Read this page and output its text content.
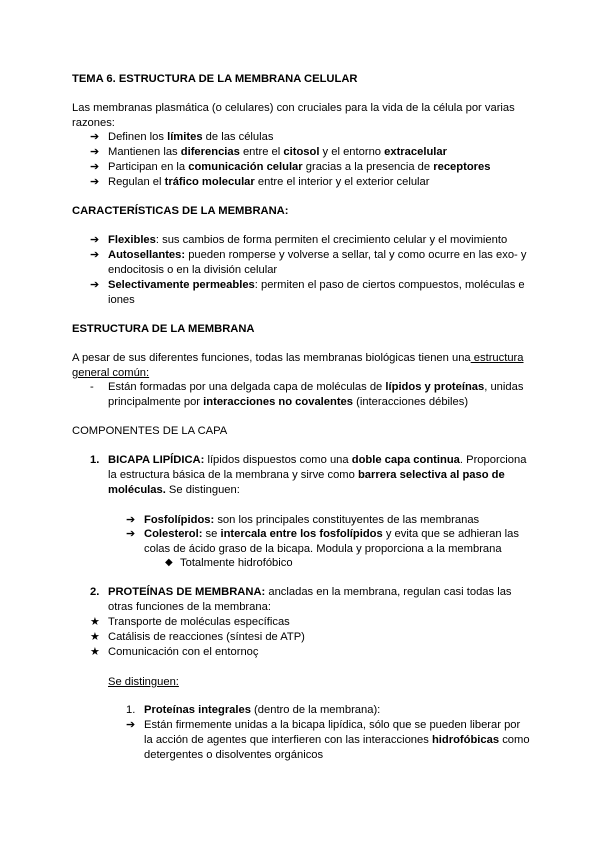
TEMA 6. ESTRUCTURA DE LA MEMBRANA CELULAR
Las membranas plasmática (o celulares) con cruciales para la vida de la célula por varias
razones:
➔ Definen los límites de las células
➔ Mantienen las diferencias entre el citosol y el entorno extracelular
➔ Participan en la comunicación celular gracias a la presencia de receptores
➔ Regulan el tráfico molecular entre el interior y el exterior celular
CARACTERÍSTICAS DE LA MEMBRANA:
➔ Flexibles: sus cambios de forma permiten el crecimiento celular y el movimiento
➔ Autosellantes: pueden romperse y volverse a sellar, tal y como ocurre en las exo- y
endocitosis o en la división celular
➔ Selectivamente permeables: permiten el paso de ciertos compuestos, moléculas e
iones
ESTRUCTURA DE LA MEMBRANA
A pesar de sus diferentes funciones, todas las membranas biológicas tienen una estructura
general común:
- Están formadas por una delgada capa de moléculas de lípidos y proteínas, unidas
principalmente por interacciones no covalentes (interacciones débiles)
COMPONENTES DE LA CAPA
1. BICAPA LIPÍDICA: lípidos dispuestos como una doble capa continua. Proporciona
la estructura básica de la membrana y sirve como barrera selectiva al paso de
moléculas. Se distinguen:
➔ Fosfolípidos: son los principales constituyentes de las membranas
➔ Colesterol: se intercala entre los fosfolípidos y evita que se adhieran las
colas de ácido graso de la bicapa. Modula y proporciona a la membrana
◆ Totalmente hidrofóbico
2. PROTEÍNAS DE MEMBRANA: ancladas en la membrana, regulan casi todas las
otras funciones de la membrana:
★ Transporte de moléculas específicas
★ Catálisis de reacciones (síntesi de ATP)
★ Comunicación con el entornoç
Se distinguen:
1. Proteínas integrales (dentro de la membrana):
➔ Están firmemente unidas a la bicapa lipídica, sólo que se pueden liberar por
la acción de agentes que interfieren con las interacciones hidrofóbicas como
detergentes o disolventes orgánicos
